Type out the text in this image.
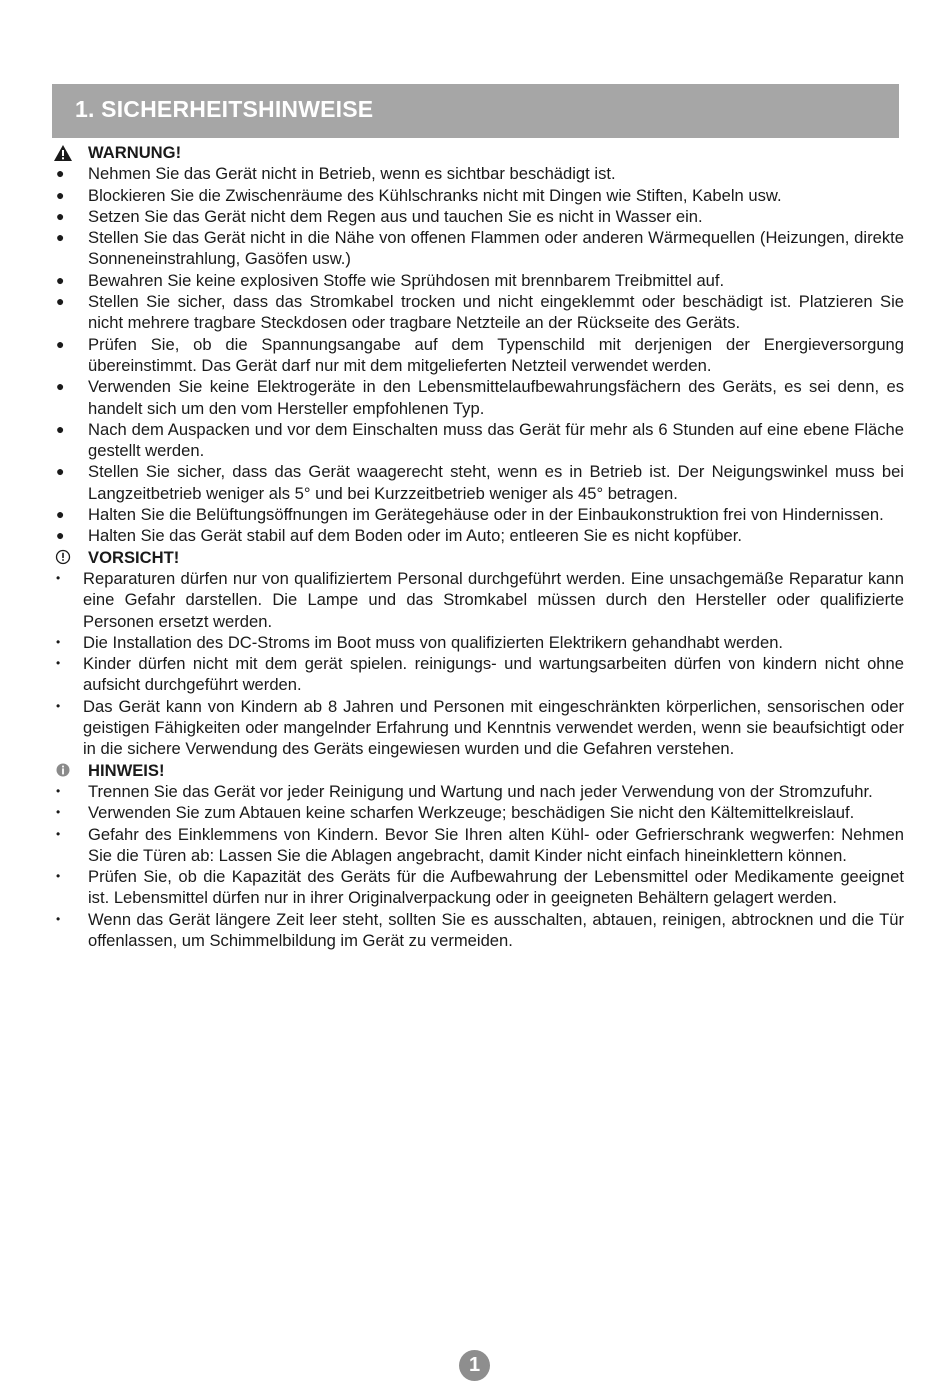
1. SICHERHEITSHINWEISE
WARNUNG!
● Nehmen Sie das Gerät nicht in Betrieb, wenn es sichtbar beschädigt ist.
● Blockieren Sie die Zwischenräume des Kühlschranks nicht mit Dingen wie Stiften, Kabeln usw.
● Setzen Sie das Gerät nicht dem Regen aus und tauchen Sie es nicht in Wasser ein.
● Stellen Sie das Gerät nicht in die Nähe von offenen Flammen oder anderen Wärmequellen (Heizungen, direkte Sonneneinstrahlung, Gasöfen usw.)
● Bewahren Sie keine explosiven Stoffe wie Sprühdosen mit brennbarem Treibmittel auf.
● Stellen Sie sicher, dass das Stromkabel trocken und nicht eingeklemmt oder beschädigt ist. Platzieren Sie nicht mehrere tragbare Steckdosen oder tragbare Netzteile an der Rückseite des Geräts.
● Prüfen Sie, ob die Spannungsangabe auf dem Typenschild mit derjenigen der Energieversorgung übereinstimmt. Das Gerät darf nur mit dem mitgelieferten Netzteil verwendet werden.
● Verwenden Sie keine Elektrogeräte in den Lebensmittelaufbewahrungsfächern des Geräts, es sei denn, es handelt sich um den vom Hersteller empfohlenen Typ.
● Nach dem Auspacken und vor dem Einschalten muss das Gerät für mehr als 6 Stunden auf eine ebene Fläche gestellt werden.
● Stellen Sie sicher, dass das Gerät waagerecht steht, wenn es in Betrieb ist. Der Neigungswinkel muss bei Langzeitbetrieb weniger als 5° und bei Kurzzeitbetrieb weniger als 45° betragen.
● Halten Sie die Belüftungsöffnungen im Gerätegehäuse oder in der Einbaukonstruktion frei von Hindernissen.
● Halten Sie das Gerät stabil auf dem Boden oder im Auto; entleeren Sie es nicht kopfüber.
VORSICHT!
• Reparaturen dürfen nur von qualifiziertem Personal durchgeführt werden. Eine unsachgemäße Reparatur kann eine Gefahr darstellen. Die Lampe und das Stromkabel müssen durch den Hersteller oder qualifizierte Personen ersetzt werden.
• Die Installation des DC-Stroms im Boot muss von qualifizierten Elektrikern gehandhabt werden.
• Kinder dürfen nicht mit dem gerät spielen. reinigungs- und wartungsarbeiten dürfen von kindern nicht ohne aufsicht durchgeführt werden.
• Das Gerät kann von Kindern ab 8 Jahren und Personen mit eingeschränkten körperlichen, sensorischen oder geistigen Fähigkeiten oder mangelnder Erfahrung und Kenntnis verwendet werden, wenn sie beaufsichtigt oder in die sichere Verwendung des Geräts eingewiesen wurden und die Gefahren verstehen.
HINWEIS!
• Trennen Sie das Gerät vor jeder Reinigung und Wartung und nach jeder Verwendung von der Stromzufuhr.
• Verwenden Sie zum Abtauen keine scharfen Werkzeuge; beschädigen Sie nicht den Kältemittelkreislauf.
• Gefahr des Einklemmens von Kindern. Bevor Sie Ihren alten Kühl- oder Gefrierschrank wegwerfen: Nehmen Sie die Türen ab: Lassen Sie die Ablagen angebracht, damit Kinder nicht einfach hineinklettern können.
• Prüfen Sie, ob die Kapazität des Geräts für die Aufbewahrung der Lebensmittel oder Medikamente geeignet ist. Lebensmittel dürfen nur in ihrer Originalverpackung oder in geeigneten Behältern gelagert werden.
• Wenn das Gerät längere Zeit leer steht, sollten Sie es ausschalten, abtauen, reinigen, abtrocknen und die Tür offenlassen, um Schimmelbildung im Gerät zu vermeiden.
1
